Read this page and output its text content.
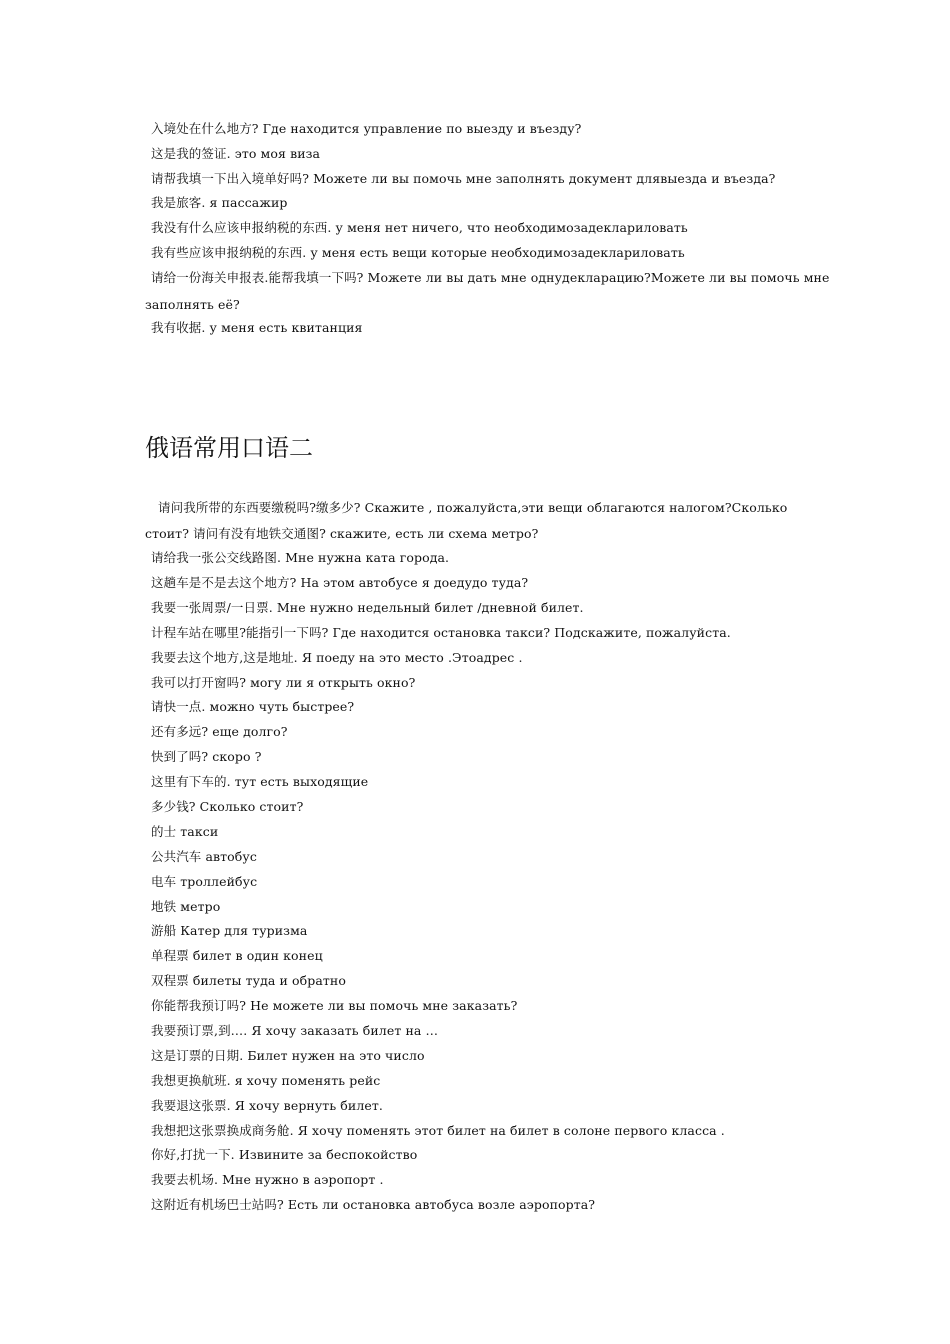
入境处在什么地方? Где находится управление по выезду и въезду?
这是我的签证. это моя виза
请帮我填一下出入境单好吗? Можете ли вы помочь мне заполнять документ длявыезда и въезда?
我是旅客. я пассажир
我没有什么应该申报纳税的东西. у меня нет ничего, что необходимозадеклариловать
我有些应该申报纳税的东西. у меня есть вещи которые необходимозадеклариловать
请给一份海关申报表.能帮我填一下吗? Можете ли вы дать мне однудекларацию?Можете ли вы помочь мне
заполнять её?
我有收据. у меня есть квитанция
俄语常用口语二
请问我所带的东西要缴税吗?缴多少? Скажите , пожалуйста,эти вещи облагаются налогом?Сколько
стоит? 请问有没有地铁交通图? скажите, есть ли схема метро?
请给我一张公交线路图. Мне нужна ката города.
这趟车是不是去这个地方? На этом автобусе я доедудо туда?
我要一张周票/一日票. Мне нужно недельный билет /дневной билет.
计程车站在哪里?能指引一下吗? Где находится остановка такси? Подскажите, пожалуйста.
我要去这个地方,这是地址. Я поеду на это место .Этоадрес .
我可以打开窗吗? могу ли я открыть окно?
请快一点. можно чуть быстрее?
还有多远? еще долго?
快到了吗? скоро ?
这里有下车的. тут есть выходящие
多少钱? Сколько стоит?
的士 такси
公共汽车 автобус
电车 троллейбус
地铁 метро
游船 Катер для туризма
单程票 билет в один конец
双程票 билеты туда и обратно
你能帮我预订吗? Не можете ли вы помочь мне заказать?
我要预订票,到…. Я хочу заказать билет на …
这是订票的日期. Билет нужен на это число
我想更换航班. я хочу поменять рейс
我要退这张票. Я хочу вернуть билет.
我想把这张票换成商务舱. Я хочу поменять этот билет на билет в солоне первого класса .
你好,打扰一下. Извините за беспокойство
我要去机场. Мне нужно в аэропорт .
这附近有机场巴士站吗? Есть ли остановка автобуса возле аэропорта?
